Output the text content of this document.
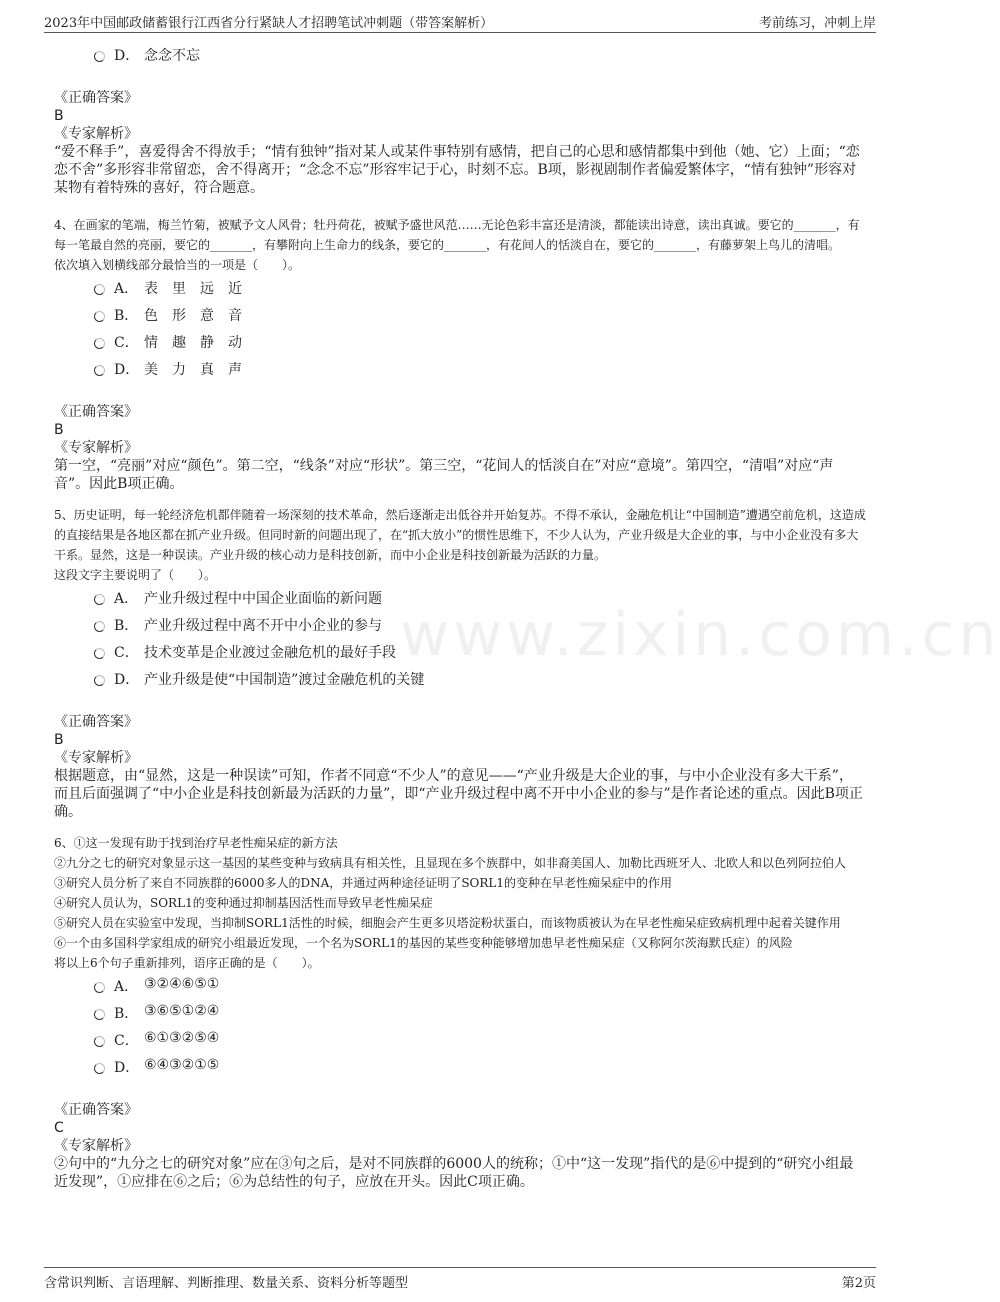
2023年中国邮政储蓄银行江西省分行紧缺人才招聘笔试冲刺题（带答案解析）	考前练习，冲刺上岸
www.zixin.com.cn
D． 念念不忘
《正确答案》
B
《专家解析》
“爱不释手”，喜爱得舍不得放手；“情有独钟”指对某人或某件事特别有感情，把自己的心思和感情都集中到他（她、它）上面；“恋恋不舍”多形容非常留恋，舍不得离开；“念念不忘”形容牢记于心，时刻不忘。B项，影视剧制作者偏爱繁体字，“情有独钟”形容对某物有着特殊的喜好，符合题意。
4、在画家的笔端，梅兰竹菊，被赋予文人风骨；牡丹荷花，被赋予盛世风范……无论色彩丰富还是清淡，都能读出诗意，读出真诚。要它的_______，有每一笔最自然的亮丽，要它的_______，有攀附向上生命力的线条，要它的_______，有花间人的恬淡自在，要它的_______，有藤萝架上鸟儿的清唱。
依次填入划横线部分最恰当的一项是（　　）。
A． 表里远近
B． 色形意音
C． 情趣静动
D． 美力真声
《正确答案》
B
《专家解析》
第一空，“亮丽”对应“颜色”。第二空，“线条”对应“形状”。第三空，“花间人的恬淡自在”对应“意境”。第四空，“清唱”对应“声音”。因此B项正确。
5、历史证明，每一轮经济危机都伴随着一场深刻的技术革命，然后逐渐走出低谷并开始复苏。不得不承认，金融危机让“中国制造”遭遇空前危机，这造成的直接结果是各地区都在抓产业升级。但同时新的问题出现了，在“抓大放小”的惯性思维下，不少人认为，产业升级是大企业的事，与中小企业没有多大干系。显然，这是一种误读。产业升级的核心动力是科技创新，而中小企业是科技创新最为活跃的力量。
这段文字主要说明了（　　）。
A． 产业升级过程中中国企业面临的新问题
B． 产业升级过程中离不开中小企业的参与
C． 技术变革是企业渡过金融危机的最好手段
D． 产业升级是使“中国制造”渡过金融危机的关键
《正确答案》
B
《专家解析》
根据题意，由“显然，这是一种误读”可知，作者不同意“不少人”的意见——“产业升级是大企业的事，与中小企业没有多大干系”，而且后面强调了“中小企业是科技创新最为活跃的力量”，即“产业升级过程中离不开中小企业的参与”是作者论述的重点。因此B项正确。
6、①这一发现有助于找到治疗早老性痴呆症的新方法
②九分之七的研究对象显示这一基因的某些变种与致病具有相关性，且显现在多个族群中，如非裔美国人、加勒比西班牙人、北欧人和以色列阿拉伯人
③研究人员分析了来自不同族群的6000多人的DNA，并通过两种途径证明了SORL1的变种在早老性痴呆症中的作用
④研究人员认为，SORL1的变种通过抑制基因活性而导致早老性痴呆症
⑤研究人员在实验室中发现，当抑制SORL1活性的时候，细胞会产生更多贝塔淀粉状蛋白，而该物质被认为在早老性痴呆症致病机理中起着关键作用
⑥一个由多国科学家组成的研究小组最近发现，一个名为SORL1的基因的某些变种能够增加患早老性痴呆症（又称阿尔茨海默氏症）的风险
将以上6个句子重新排列，语序正确的是（　　）。
A． ③②④⑥⑤①
B． ③⑥⑤①②④
C． ⑥①③②⑤④
D． ⑥④③②①⑤
《正确答案》
C
《专家解析》
②句中的“九分之七的研究对象”应在③句之后，是对不同族群的6000人的统称；①中“这一发现”指代的是⑥中提到的“研究小组最近发现”，①应排在⑥之后；⑥为总结性的句子，应放在开头。因此C项正确。
含常识判断、言语理解、判断推理、数量关系、资料分析等题型	第2页
